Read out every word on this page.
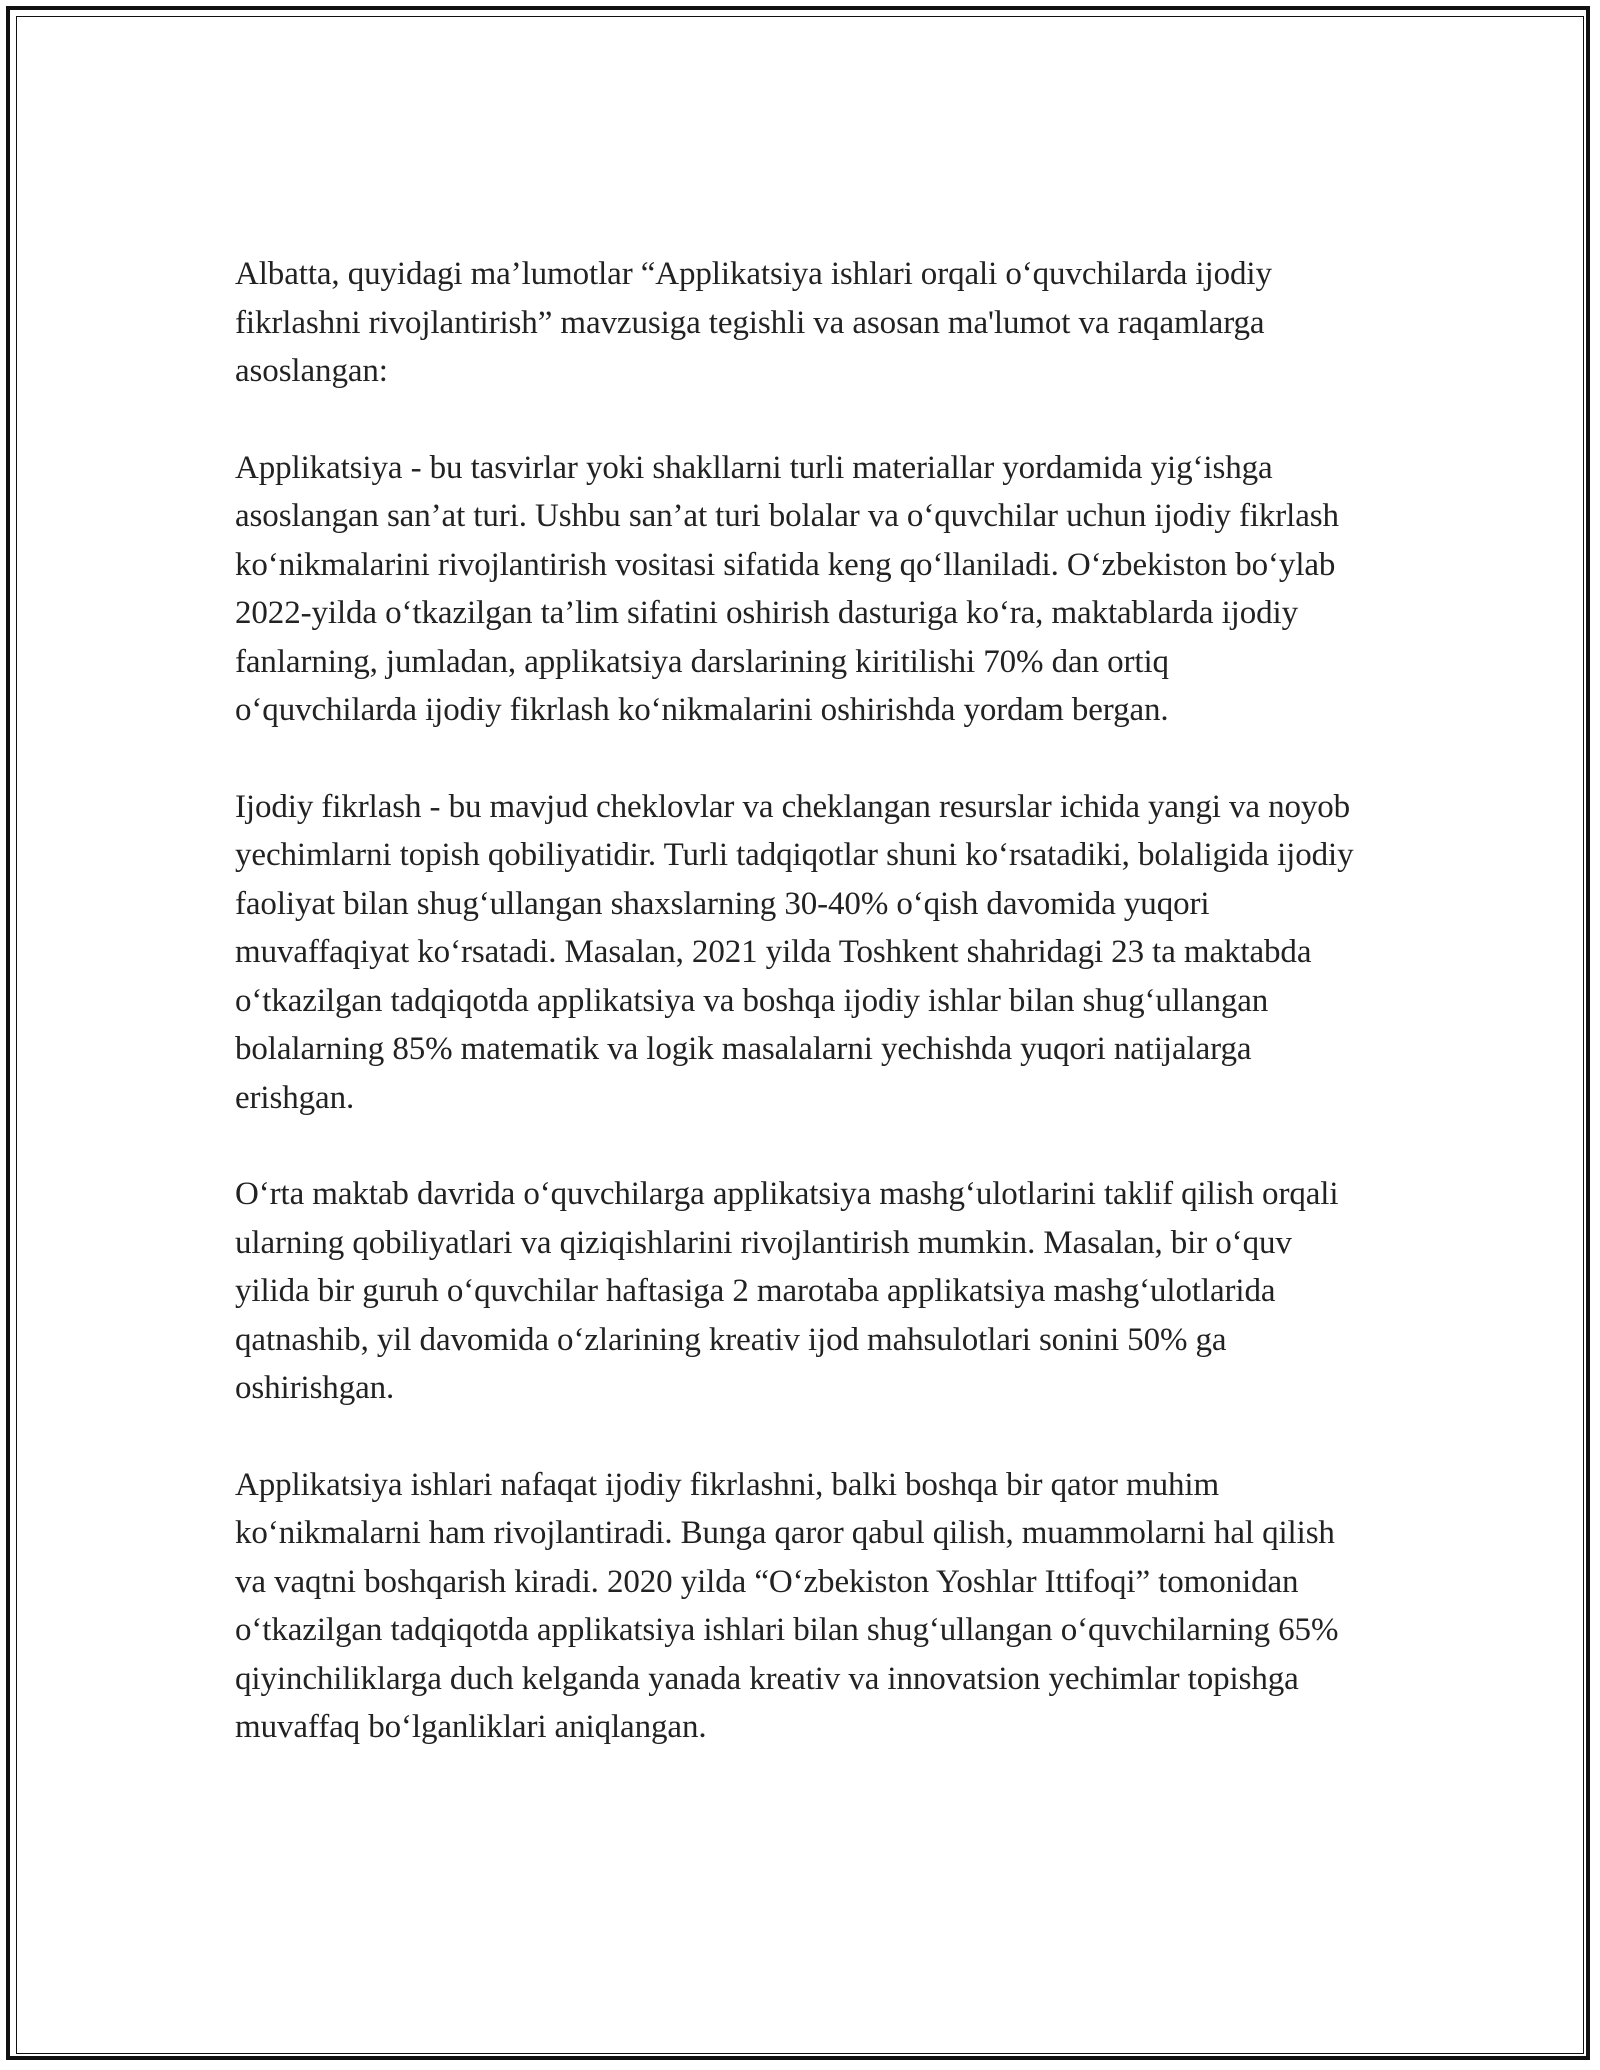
Albatta, quyidagi ma’lumotlar “Applikatsiya ishlari orqali o‘quvchilarda ijodiy fikrlashni rivojlantirish” mavzusiga tegishli va asosan ma'lumot va raqamlarga asoslangan:

Applikatsiya - bu tasvirlar yoki shakllarni turli materiallar yordamida yig‘ishga asoslangan san’at turi. Ushbu san’at turi bolalar va o‘quvchilar uchun ijodiy fikrlash ko‘nikmalarini rivojlantirish vositasi sifatida keng qo‘llaniladi. O‘zbekiston bo‘ylab 2022-yilda o‘tkazilgan ta’lim sifatini oshirish dasturiga ko‘ra, maktablarda ijodiy fanlarning, jumladan, applikatsiya darslarining kiritilishi 70% dan ortiq o‘quvchilarda ijodiy fikrlash ko‘nikmalarini oshirishda yordam bergan.

Ijodiy fikrlash - bu mavjud cheklovlar va cheklangan resurslar ichida yangi va noyob yechimlarni topish qobiliyatidir. Turli tadqiqotlar shuni ko‘rsatadiki, bolaligida ijodiy faoliyat bilan shug‘ullangan shaxslarning 30-40% o‘qish davomida yuqori muvaffaqiyat ko‘rsatadi. Masalan, 2021 yilda Toshkent shahridagi 23 ta maktabda o‘tkazilgan tadqiqotda applikatsiya va boshqa ijodiy ishlar bilan shug‘ullangan bolalarning 85% matematik va logik masalalarni yechishda yuqori natijalarga erishgan.

O‘rta maktab davrida o‘quvchilarga applikatsiya mashg‘ulotlarini taklif qilish orqali ularning qobiliyatlari va qiziqishlarini rivojlantirish mumkin. Masalan, bir o‘quv yilida bir guruh o‘quvchilar haftasiga 2 marotaba applikatsiya mashg‘ulotlarida qatnashib, yil davomida o‘zlarining kreativ ijod mahsulotlari sonini 50% ga oshirishgan.

Applikatsiya ishlari nafaqat ijodiy fikrlashni, balki boshqa bir qator muhim ko‘nikmalarni ham rivojlantiradi. Bunga qaror qabul qilish, muammolarni hal qilish va vaqtni boshqarish kiradi. 2020 yilda “O‘zbekiston Yoshlar Ittifoqi” tomonidan o‘tkazilgan tadqiqotda applikatsiya ishlari bilan shug‘ullangan o‘quvchilarning 65% qiyinchiliklarga duch kelganda yanada kreativ va innovatsion yechimlar topishga muvaffaq bo‘lganliklari aniqlangan.
